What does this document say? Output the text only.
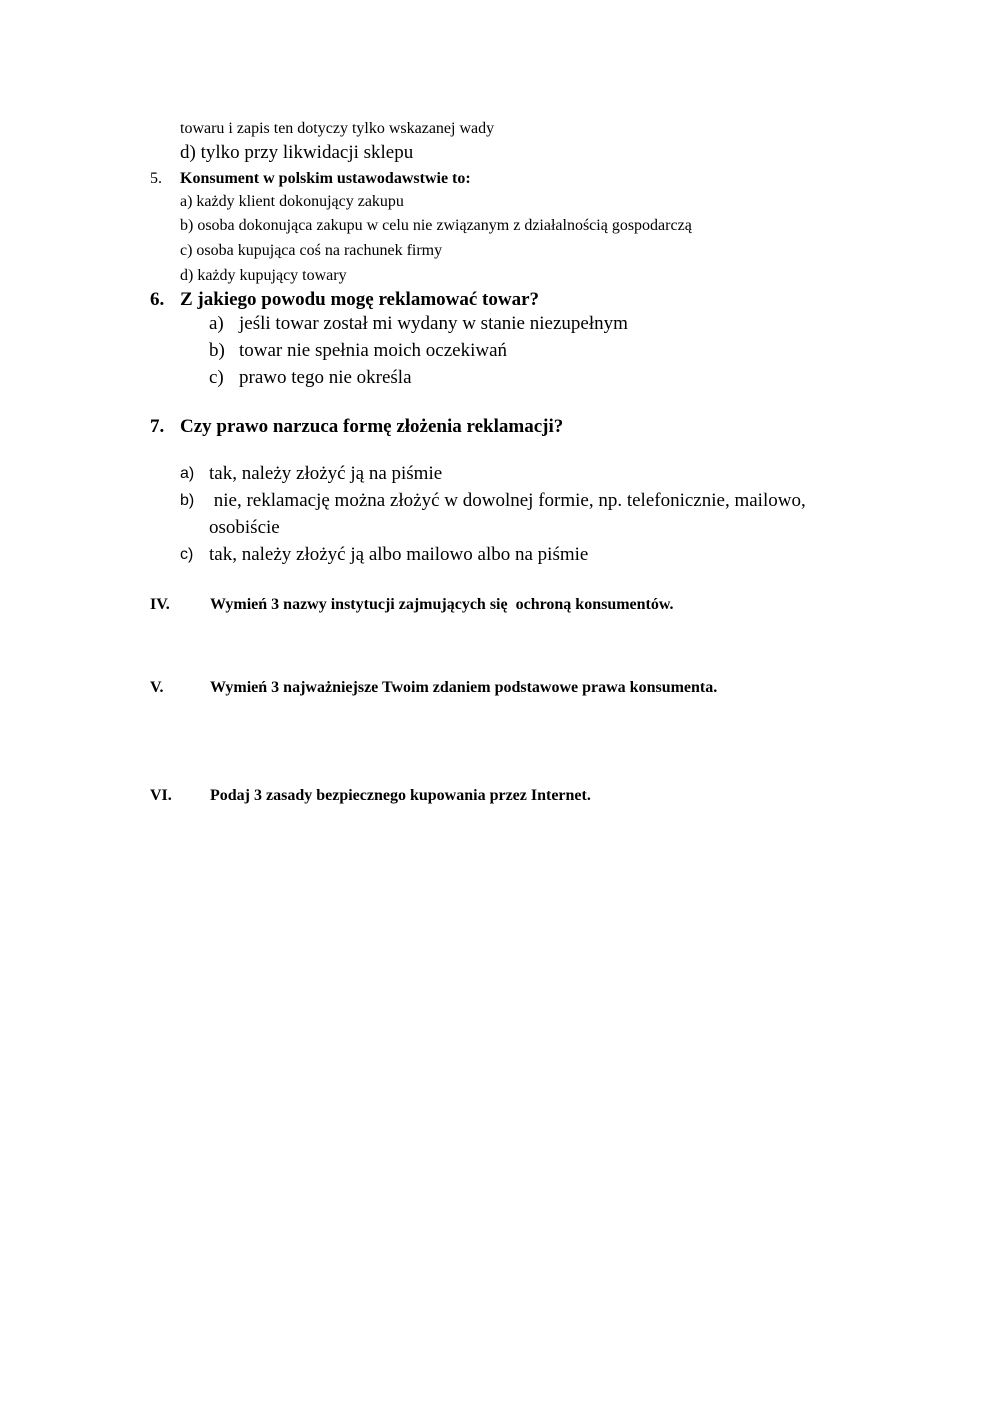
towaru i zapis ten dotyczy tylko wskazanej wady
d) tylko przy likwidacji sklepu
5. Konsument w polskim ustawodawstwie to:
a) każdy klient dokonujący zakupu
b) osoba dokonująca zakupu w celu nie związanym z działalnością gospodarczą
c) osoba kupująca coś na rachunek firmy
d) każdy kupujący towary
6. Z jakiego powodu mogę reklamować towar?
a) jeśli towar został mi wydany w stanie niezupełnym
b) towar nie spełnia moich oczekiwań
c) prawo tego nie określa
7. Czy prawo narzuca formę złożenia reklamacji?
a) tak, należy złożyć ją na piśmie
b) nie, reklamację można złożyć w dowolnej formie, np. telefonicznie, mailowo,
osobiście
c) tak, należy złożyć ją albo mailowo albo na piśmie
IV.	Wymień 3 nazwy instytucji zajmujących się  ochroną konsumentów.
V.	Wymień 3 najważniejsze Twoim zdaniem podstawowe prawa konsumenta.
VI. Podaj 3 zasady bezpiecznego kupowania przez Internet.
